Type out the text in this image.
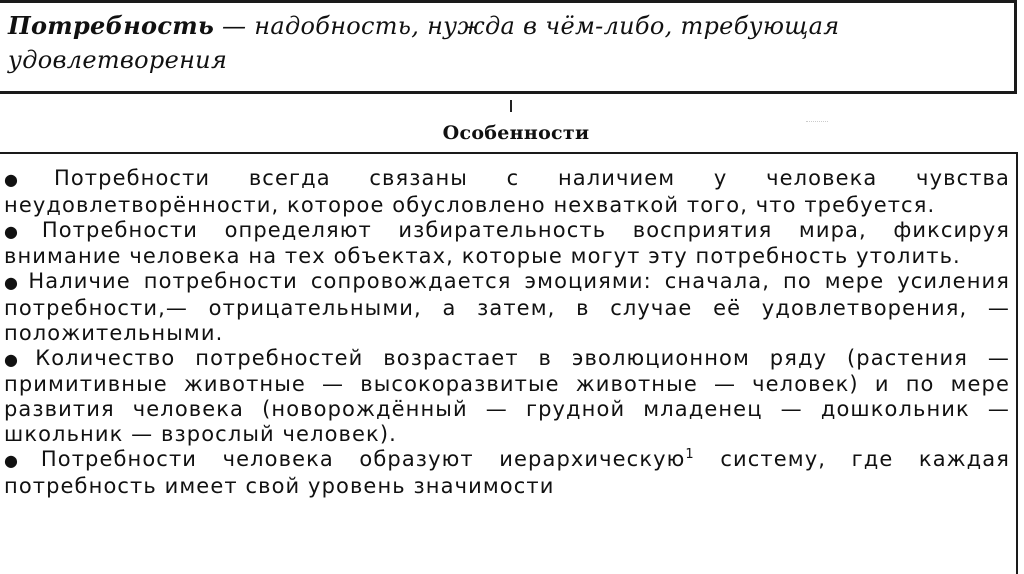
Потребность — надобность, нужда в чём-либо, требующая удовлетворения

Особенности
● Потребности всегда связаны с наличием у человека чувства неудовлетворённости, которое обусловлено нехваткой того, что требуется.
● Потребности определяют избирательность восприятия мира, фиксируя внимание человека на тех объектах, которые могут эту потребность утолить.
● Наличие потребности сопровождается эмоциями: сначала, по мере усиления потребности,— отрицательными, а затем, в случае её удовлетворения, — положительными.
● Количество потребностей возрастает в эволюционном ряду (растения — примитивные животные — высокоразвитые животные — человек) и по мере развития человека (новорождённый — грудной младенец — дошкольник — школьник — взрослый человек).
● Потребности человека образуют иерархическую$^1$ систему, где каждая потребность имеет свой уровень значимости
